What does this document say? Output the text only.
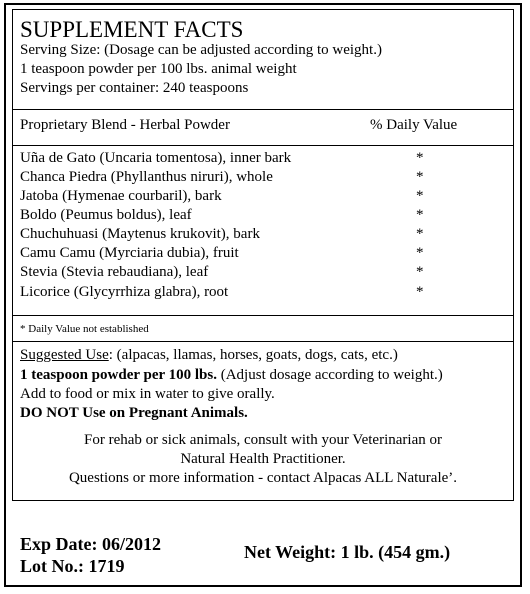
SUPPLEMENT FACTS
Serving Size: (Dosage can be adjusted according to weight.)
1 teaspoon powder per 100 lbs. animal weight
Servings per container: 240 teaspoons
Proprietary Blend - Herbal Powder	% Daily Value
Uña de Gato (Uncaria tomentosa), inner bark	*
Chanca Piedra (Phyllanthus niruri), whole	*
Jatoba (Hymenae courbaril), bark	*
Boldo (Peumus boldus), leaf	*
Chuchuhuasi (Maytenus krukovit), bark	*
Camu Camu (Myrciaria dubia), fruit	*
Stevia (Stevia rebaudiana), leaf	*
Licorice (Glycyrrhiza glabra), root	*
* Daily Value not established
Suggested Use: (alpacas, llamas, horses, goats, dogs, cats, etc.)
1 teaspoon powder per 100 lbs. (Adjust dosage according to weight.)
Add to food or mix in water to give orally.
DO NOT Use on Pregnant Animals.
For rehab or sick animals, consult with your Veterinarian or
Natural Health Practitioner.
Questions or more information - contact Alpacas ALL Naturale’.
Exp Date: 06/2012
Lot No.: 1719
Net Weight: 1 lb. (454 gm.)
